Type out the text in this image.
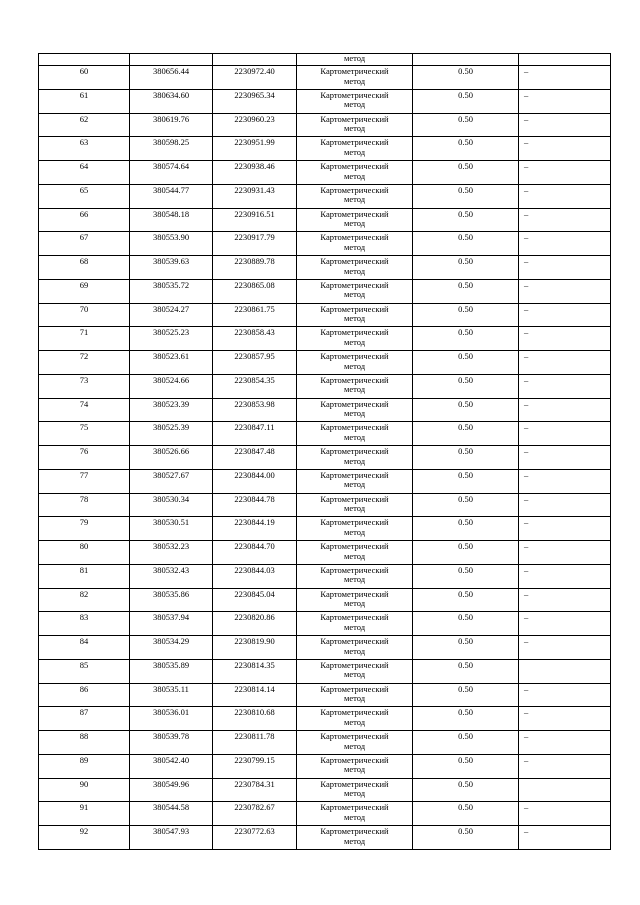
			метод		
60	380656.44	2230972.40	Картометрический
метод	0.50	–
61	380634.60	2230965.34	Картометрический
метод	0.50	–
62	380619.76	2230960.23	Картометрический
метод	0.50	–
63	380598.25	2230951.99	Картометрический
метод	0.50	–
64	380574.64	2230938.46	Картометрический
метод	0.50	–
65	380544.77	2230931.43	Картометрический
метод	0.50	–
66	380548.18	2230916.51	Картометрический
метод	0.50	–
67	380553.90	2230917.79	Картометрический
метод	0.50	–
68	380539.63	2230889.78	Картометрический
метод	0.50	–
69	380535.72	2230865.08	Картометрический
метод	0.50	–
70	380524.27	2230861.75	Картометрический
метод	0.50	–
71	380525.23	2230858.43	Картометрический
метод	0.50	–
72	380523.61	2230857.95	Картометрический
метод	0.50	–
73	380524.66	2230854.35	Картометрический
метод	0.50	–
74	380523.39	2230853.98	Картометрический
метод	0.50	–
75	380525.39	2230847.11	Картометрический
метод	0.50	–
76	380526.66	2230847.48	Картометрический
метод	0.50	–
77	380527.67	2230844.00	Картометрический
метод	0.50	–
78	380530.34	2230844.78	Картометрический
метод	0.50	–
79	380530.51	2230844.19	Картометрический
метод	0.50	–
80	380532.23	2230844.70	Картометрический
метод	0.50	–
81	380532.43	2230844.03	Картометрический
метод	0.50	–
82	380535.86	2230845.04	Картометрический
метод	0.50	–
83	380537.94	2230820.86	Картометрический
метод	0.50	–
84	380534.29	2230819.90	Картометрический
метод	0.50	–
85	380535.89	2230814.35	Картометрический
метод	0.50	
86	380535.11	2230814.14	Картометрический
метод	0.50	–
87	380536.01	2230810.68	Картометрический
метод	0.50	–
88	380539.78	2230811.78	Картометрический
метод	0.50	–
89	380542.40	2230799.15	Картометрический
метод	0.50	–
90	380549.96	2230784.31	Картометрический
метод	0.50	
91	380544.58	2230782.67	Картометрический
метод	0.50	–
92	380547.93	2230772.63	Картометрический
метод	0.50	–
